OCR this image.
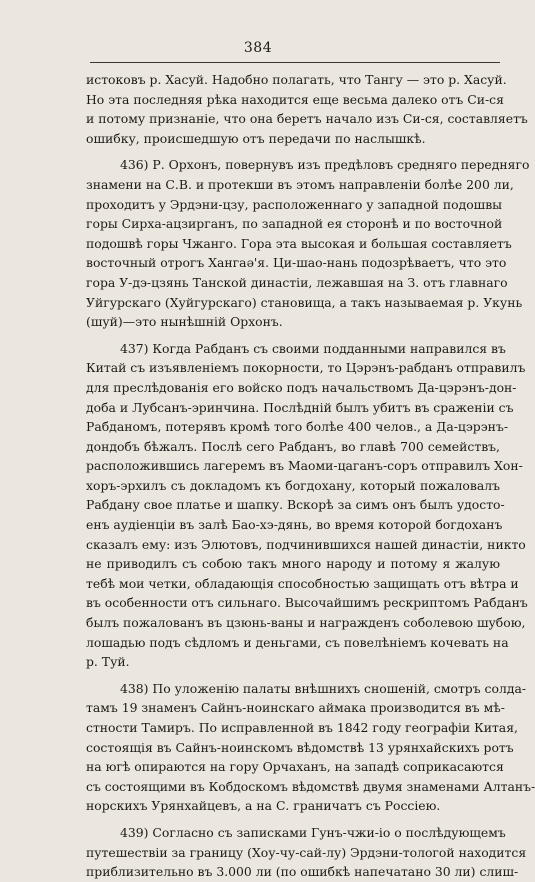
384
истоковъ р. Хасуй. Надобно полагать, что Тангу — это р. Хасуй.
Но эта последняя рѣка находится еще весьма далеко отъ Си-ся
и потому признаніе, что она беретъ начало изъ Си-ся, составляетъ
ошибку, происшедшую отъ передачи по наслышкѣ.
436) Р. Орхонъ, повернувъ изъ предѣловъ средняго передняго
знамени на С.В. и протекши въ этомъ направленіи болѣе 200 ли,
проходитъ у Эрдэни-цзу, расположеннаго у западной подошвы
горы Сирха-ацзирганъ, по западной ея сторонѣ и по восточной
подошвѣ горы Чжанго. Гора эта высокая и большая составляетъ
восточный отрогъ Хангаǝ'я. Ци-шао-нань подозрѣваетъ, что это
гора У-дэ-цзянь Танской династіи, лежавшая на З. отъ главнаго
Уйгурскаго (Хуйгурскаго) становища, а такъ называемая р. Укунь
(шуй)—это нынѣшній Орхонъ.
437) Когда Рабданъ съ своими подданными направился въ
Китай съ изъявленіемъ покорности, то Цэрэнъ-рабданъ отправилъ
для преслѣдованія его войско подъ начальствомъ Да-цэрэнъ-дон-
доба и Лубсанъ-эринчина. Послѣдній былъ убитъ въ сраженіи съ
Рабданомъ, потерявъ кромѣ того болѣе 400 челов., а Да-цэрэнъ-
дондобъ бѣжалъ. Послѣ сего Рабданъ, во главѣ 700 семействъ,
расположившись лагеремъ въ Маоми-цаганъ-соръ отправилъ Хон-
хоръ-эрхилъ съ докладомъ къ богдохану, который пожаловалъ
Рабдану свое платье и шапку. Вскорѣ за симъ онъ былъ удосто-
енъ аудіенціи въ залѣ Бао-хэ-дянь, во время которой богдоханъ
сказалъ ему: изъ Элютовъ, подчинившихся нашей династіи, никто
не приводилъ съ собою такъ много народу и потому я жалую
тебѣ мои четки, обладающія способностью защищать отъ вѣтра и
въ особенности отъ сильнаго. Высочайшимъ рескриптомъ Рабданъ
былъ пожалованъ въ цзюнь-ваны и награжденъ соболевою шубою,
лошадью подъ сѣдломъ и деньгами, съ повелѣніемъ кочевать на
р. Туй.
438) По уложенію палаты внѣшнихъ сношеній, смотръ солда-
тамъ 19 знаменъ Сайнъ-ноинскаго аймака производится въ мѣ-
стности Тамиръ. По исправленной въ 1842 году географіи Китая,
состоящія въ Сайнъ-ноинскомъ вѣдомствѣ 13 урянхайскихъ ротъ
на югѣ опираются на гору Орчаханъ, на западѣ соприкасаются
съ состоящими въ Кобдоскомъ вѣдомствѣ двумя знаменами Алтанъ-
норскихъ Урянхайцевъ, а на С. граничатъ съ Россіею.
439) Согласно съ записками Гунъ-чжи-іо о послѣдующемъ
путешествіи за границу (Хоу-чу-сай-лу) Эрдэни-тологой находится
приблизительно въ 3.000 ли (по ошибкѣ напечатано 30 ли) слиш-
